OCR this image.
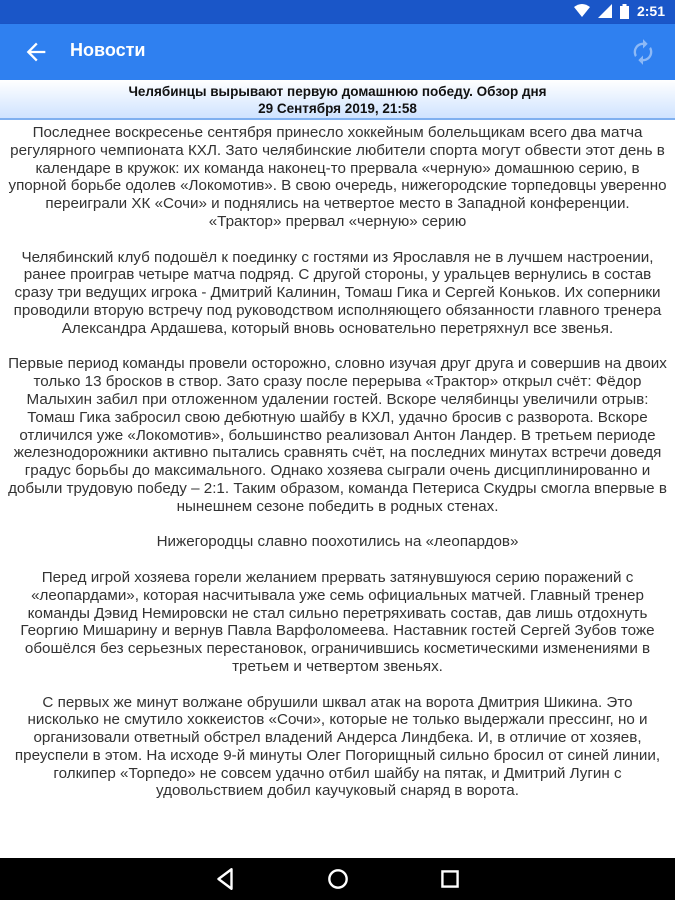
2:51
Новости
Челябинцы вырывают первую домашнюю победу. Обзор дня
29 Сентября 2019, 21:58

Последнее воскресенье сентября принесло хоккейным болельщикам всего два матча регулярного чемпионата КХЛ. Зато челябинские любители спорта могут обвести этот день в календаре в кружок: их команда наконец-то прервала «черную» домашнюю серию, в упорной борьбе одолев «Локомотив». В свою очередь, нижегородские торпедовцы уверенно переиграли ХК «Сочи» и поднялись на четвертое место в Западной конференции.

«Трактор» прервал «черную» серию

Челябинский клуб подошёл к поединку с гостями из Ярославля не в лучшем настроении, ранее проиграв четыре матча подряд. С другой стороны, у уральцев вернулись в состав сразу три ведущих игрока - Дмитрий Калинин, Томаш Гика и Сергей Коньков. Их соперники проводили вторую встречу под руководством исполняющего обязанности главного тренера Александра Ардашева, который вновь основательно перетряхнул все звенья.

Первые период команды провели осторожно, словно изучая друг друга и совершив на двоих только 13 бросков в створ. Зато сразу после перерыва «Трактор» открыл счёт: Фёдор Малыхин забил при отложенном удалении гостей. Вскоре челябинцы увеличили отрыв: Томаш Гика забросил свою дебютную шайбу в КХЛ, удачно бросив с разворота. Вскоре отличился уже «Локомотив», большинство реализовал Антон Ландер. В третьем периоде железнодорожники активно пытались сравнять счёт, на последних минутах встречи доведя градус борьбы до максимального. Однако хозяева сыграли очень дисциплинированно и добыли трудовую победу – 2:1. Таким образом, команда Петериса Скудры смогла впервые в нынешнем сезоне победить в родных стенах.

Нижегородцы славно поохотились на «леопардов»

Перед игрой хозяева горели желанием прервать затянувшуюся серию поражений с «леопардами», которая насчитывала уже семь официальных матчей. Главный тренер команды Дэвид Немировски не стал сильно перетряхивать состав, дав лишь отдохнуть Георгию Мишарину и вернув Павла Варфоломеева. Наставник гостей Сергей Зубов тоже обошёлся без серьезных перестановок, ограничившись косметическими изменениями в третьем и четвертом звеньях.

С первых же минут волжане обрушили шквал атак на ворота Дмитрия Шикина. Это нисколько не смутило хоккеистов «Сочи», которые не только выдержали прессинг, но и организовали ответный обстрел владений Андерса Линдбека. И, в отличие от хозяев, преуспели в этом. На исходе 9-й минуты Олег Погорищный сильно бросил от синей линии, голкипер «Торпедо» не совсем удачно отбил шайбу на пятак, и Дмитрий Лугин с удовольствием добил каучуковый снаряд в ворота.
